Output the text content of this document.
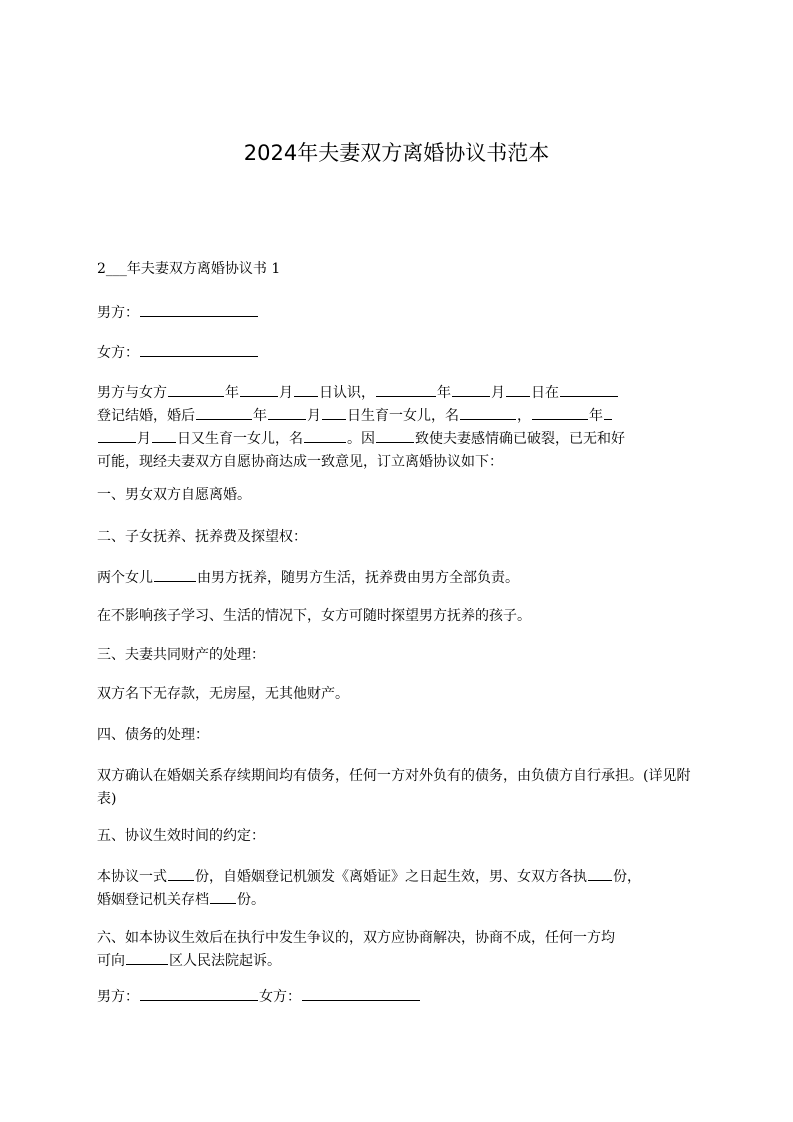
2024年夫妻双方离婚协议书范本

2___年夫妻双方离婚协议书 1

男方：

女方：

男方与女方	年	月 日认识，	年	月 日在
登记结婚，婚后	年	月 日生育一女儿，名	，	年
月 日又生育一女儿，名	。因	致使夫妻感情确已破裂，已无和好
可能，现经夫妻双方自愿协商达成一致意见，订立离婚协议如下：

一、男女双方自愿离婚。

二、子女抚养、抚养费及探望权：

两个女儿	由男方抚养，随男方生活，抚养费由男方全部负责。

在不影响孩子学习、生活的情况下，女方可随时探望男方抚养的孩子。

三、夫妻共同财产的处理：

双方名下无存款，无房屋，无其他财产。

四、债务的处理：

双方确认在婚姻关系存续期间均有债务，任何一方对外负有的债务，由负债方自行承担。(详见附表)

五、协议生效时间的约定：

本协议一式 份，自婚姻登记机颁发《离婚证》之日起生效，男、女双方各执 份，
婚姻登记机关存档 份。
六、如本协议生效后在执行中发生争议的，双方应协商解决，协商不成，任何一方均
可向	区人民法院起诉。

男方：	女方：
